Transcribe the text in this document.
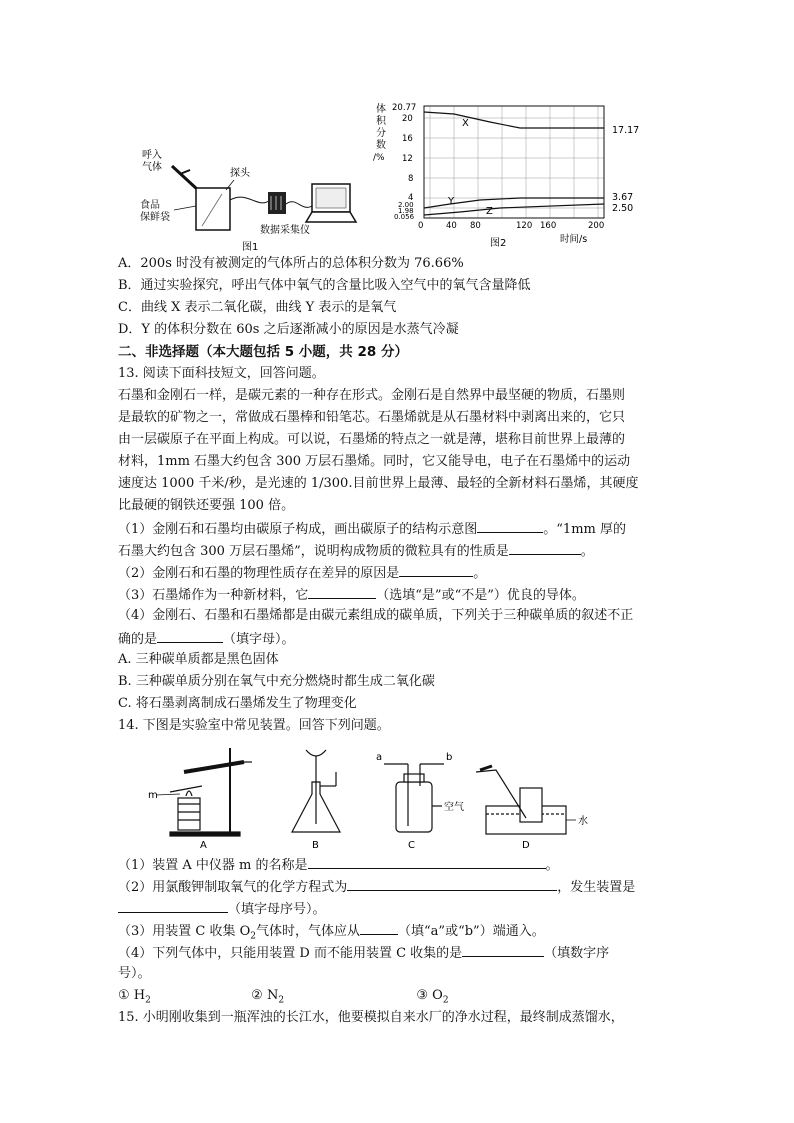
呼入
气体
食品
保鲜袋
探头
数据采集仪
图1
体
积
分
数
/%
20.77
20
16
12
8
4
2.00
1.98
0.056
0	40 80	120 160	200
X
Y
Z
17.17
3.67
2.50
图2	时间/s
A．200s 时没有被测定的气体所占的总体积分数为 76.66%
B．通过实验探究，呼出气体中氧气的含量比吸入空气中的氧气含量降低
C．曲线 X 表示二氧化碳，曲线 Y 表示的是氧气
D．Y 的体积分数在 60s 之后逐渐减小的原因是水蒸气冷凝
二、非选择题（本大题包括 5 小题，共 28 分）
13. 阅读下面科技短文，回答问题。
石墨和金刚石一样，是碳元素的一种存在形式。金刚石是自然界中最坚硬的物质，石墨则
是最软的矿物之一，常做成石墨棒和铅笔芯。石墨烯就是从石墨材料中剥离出来的，它只
由一层碳原子在平面上构成。可以说，石墨烯的特点之一就是薄，堪称目前世界上最薄的
材料，1mm 石墨大约包含 300 万层石墨烯。同时，它又能导电，电子在石墨烯中的运动
速度达 1000 千米/秒，是光速的 1/300.目前世界上最薄、最轻的全新材料石墨烯，其硬度
比最硬的钢铁还要强 100 倍。
（1）金刚石和石墨均由碳原子构成，画出碳原子的结构示意图	。“1mm 厚的
石墨大约包含 300 万层石墨烯”，说明构成物质的微粒具有的性质是	。
（2）金刚石和石墨的物理性质存在差异的原因是	。
（3）石墨烯作为一种新材料，它	（选填“是”或“不是”）优良的导体。
（4）金刚石、石墨和石墨烯都是由碳元素组成的碳单质，下列关于三种碳单质的叙述不正
确的是	（填字母）。
A. 三种碳单质都是黑色固体
B. 三种碳单质分别在氧气中充分燃烧时都生成二氧化碳
C. 将石墨剥离制成石墨烯发生了物理变化
14. 下图是实验室中常见装置。回答下列问题。
m
A	B
a	b
空气
C
水
D
（1）装置 A 中仪器 m 的名称是	。
（2）用氯酸钾制取氧气的化学方程式为	，发生装置是
（填字母序号）。
（3）用装置 C 收集 $O_2$气体时，气体应从	（填“a”或“b”）端通入。
（4）下列气体中，只能用装置 D 而不能用装置 C 收集的是	（填数字序
号）。
① $H_2$	② $N_2$	③ $O_2$
15. 小明刚收集到一瓶浑浊的长江水，他要模拟自来水厂的净水过程，最终制成蒸馏水，
